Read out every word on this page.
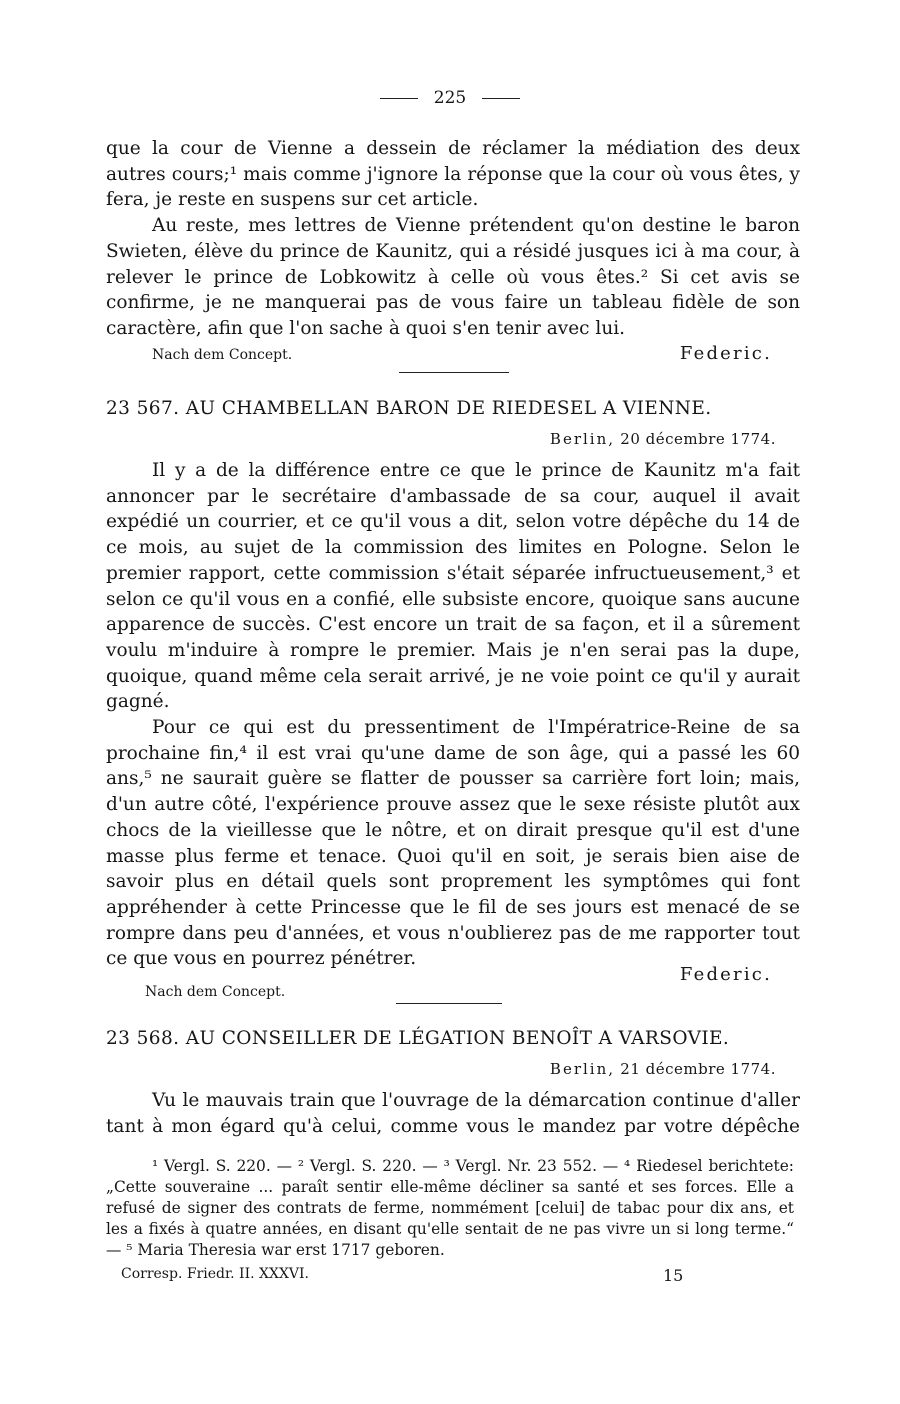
225

que la cour de Vienne a dessein de réclamer la médiation des deux autres cours;¹ mais comme j'ignore la réponse que la cour où vous êtes, y fera, je reste en suspens sur cet article.

Au reste, mes lettres de Vienne prétendent qu'on destine le baron Swieten, élève du prince de Kaunitz, qui a résidé jusques ici à ma cour, à relever le prince de Lobkowitz à celle où vous êtes.² Si cet avis se confirme, je ne manquerai pas de vous faire un tableau fidèle de son caractère, afin que l'on sache à quoi s'en tenir avec lui.

Nach dem Concept.	Federic.
23 567. AU CHAMBELLAN BARON DE RIEDESEL A VIENNE.
Berlin, 20 décembre 1774.

Il y a de la différence entre ce que le prince de Kaunitz m'a fait annoncer par le secrétaire d'ambassade de sa cour, auquel il avait expédié un courrier, et ce qu'il vous a dit, selon votre dépêche du 14 de ce mois, au sujet de la commission des limites en Pologne. Selon le premier rapport, cette commission s'était séparée infructueusement,³ et selon ce qu'il vous en a confié, elle subsiste encore, quoique sans aucune apparence de succès. C'est encore un trait de sa façon, et il a sûrement voulu m'induire à rompre le premier. Mais je n'en serai pas la dupe, quoique, quand même cela serait arrivé, je ne voie point ce qu'il y aurait gagné.

Pour ce qui est du pressentiment de l'Impératrice-Reine de sa prochaine fin,⁴ il est vrai qu'une dame de son âge, qui a passé les 60 ans,⁵ ne saurait guère se flatter de pousser sa carrière fort loin; mais, d'un autre côté, l'expérience prouve assez que le sexe résiste plutôt aux chocs de la vieillesse que le nôtre, et on dirait presque qu'il est d'une masse plus ferme et tenace. Quoi qu'il en soit, je serais bien aise de savoir plus en détail quels sont proprement les symptômes qui font appréhender à cette Princesse que le fil de ses jours est menacé de se rompre dans peu d'années, et vous n'oublierez pas de me rapporter tout ce que vous en pourrez pénétrer.

Nach dem Concept.
Federic.
23 568. AU CONSEILLER DE LÉGATION BENOÎT A VARSOVIE.
Berlin, 21 décembre 1774.

Vu le mauvais train que l'ouvrage de la démarcation continue d'aller tant à mon égard qu'à celui, comme vous le mandez par votre dépêche

¹ Vergl. S. 220. — ² Vergl. S. 220. — ³ Vergl. Nr. 23 552. — ⁴ Riedesel berichtete: „Cette souveraine ... paraît sentir elle-même décliner sa santé et ses forces. Elle a refusé de signer des contrats de ferme, nommément [celui] de tabac pour dix ans, et les a fixés à quatre années, en disant qu'elle sentait de ne pas vivre un si long terme.“ — ⁵ Maria Theresia war erst 1717 geboren.

Corresp. Friedr. II. XXXVI.	15
